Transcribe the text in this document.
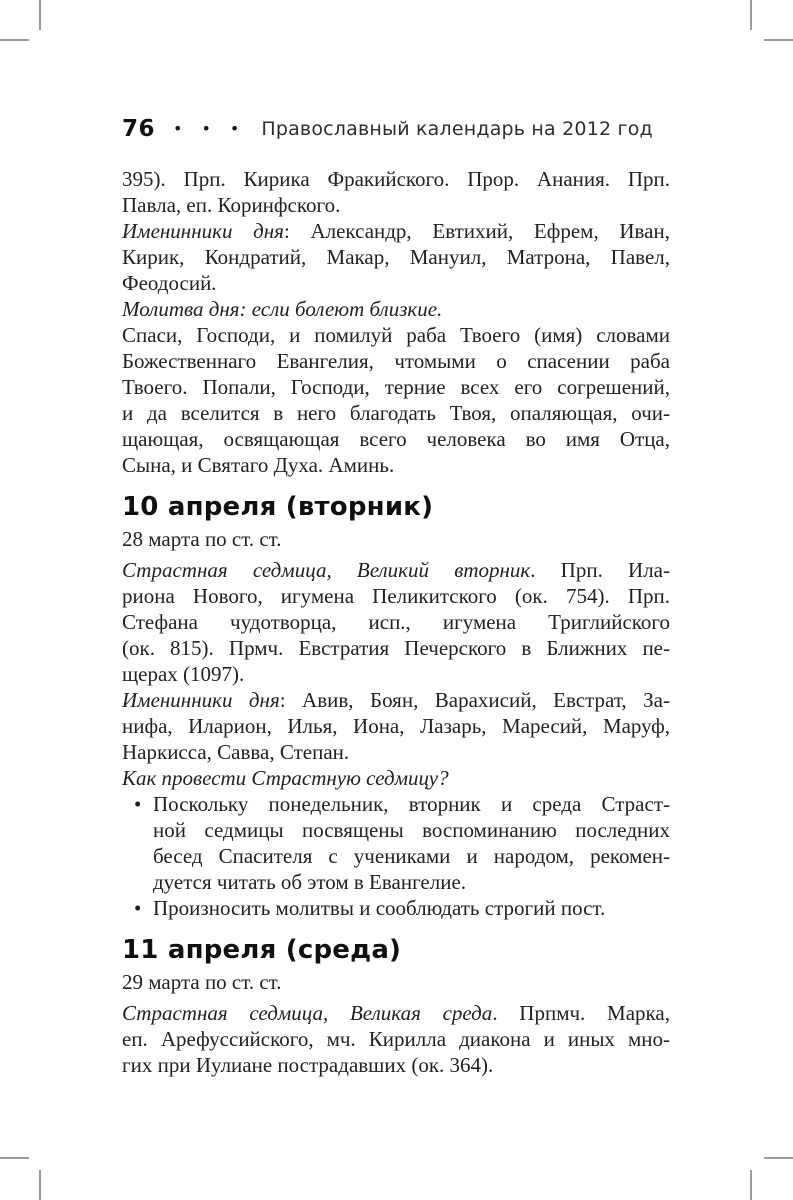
76 ••• Православный календарь на 2012 год
395). Прп. Кирика Фракийского. Прор. Анания. Прп.
Павла, еп. Коринфского.
Именинники дня: Александр, Евтихий, Ефрем, Иван,
Кирик, Кондратий, Макар, Мануил, Матрона, Павел,
Феодосий.
Молитва дня: если болеют близкие.
Спаси, Господи, и помилуй раба Твоего (имя) словами
Божественнаго Евангелия, чтомыми о спасении раба
Твоего. Попали, Господи, терние всех его согрешений,
и да вселится в него благодать Твоя, опаляющая, очи-
щающая, освящающая всего человека во имя Отца,
Сына, и Святаго Духа. Аминь.
10 апреля (вторник)
28 марта по ст. ст.
Страстная седмица, Великий вторник. Прп. Ила-
риона Нового, игумена Пеликитского (ок. 754). Прп.
Стефана чудотворца, исп., игумена Триглийского
(ок. 815). Прмч. Евстратия Печерского в Ближних пе-
щерах (1097).
Именинники дня: Авив, Боян, Варахисий, Евстрат, За-
нифа, Иларион, Илья, Иона, Лазарь, Маресий, Маруф,
Наркисса, Савва, Степан.
Как провести Страстную седмицу?
• Поскольку понедельник, вторник и среда Страст-
ной седмицы посвящены воспоминанию последних
бесед Спасителя с учениками и народом, рекомен-
дуется читать об этом в Евангелие.
• Произносить молитвы и сооблюдать строгий пост.
11 апреля (среда)
29 марта по ст. ст.
Страстная седмица, Великая среда. Прпмч. Марка,
еп. Арефуссийского, мч. Кирилла диакона и иных мно-
гих при Иулиане пострадавших (ок. 364).
